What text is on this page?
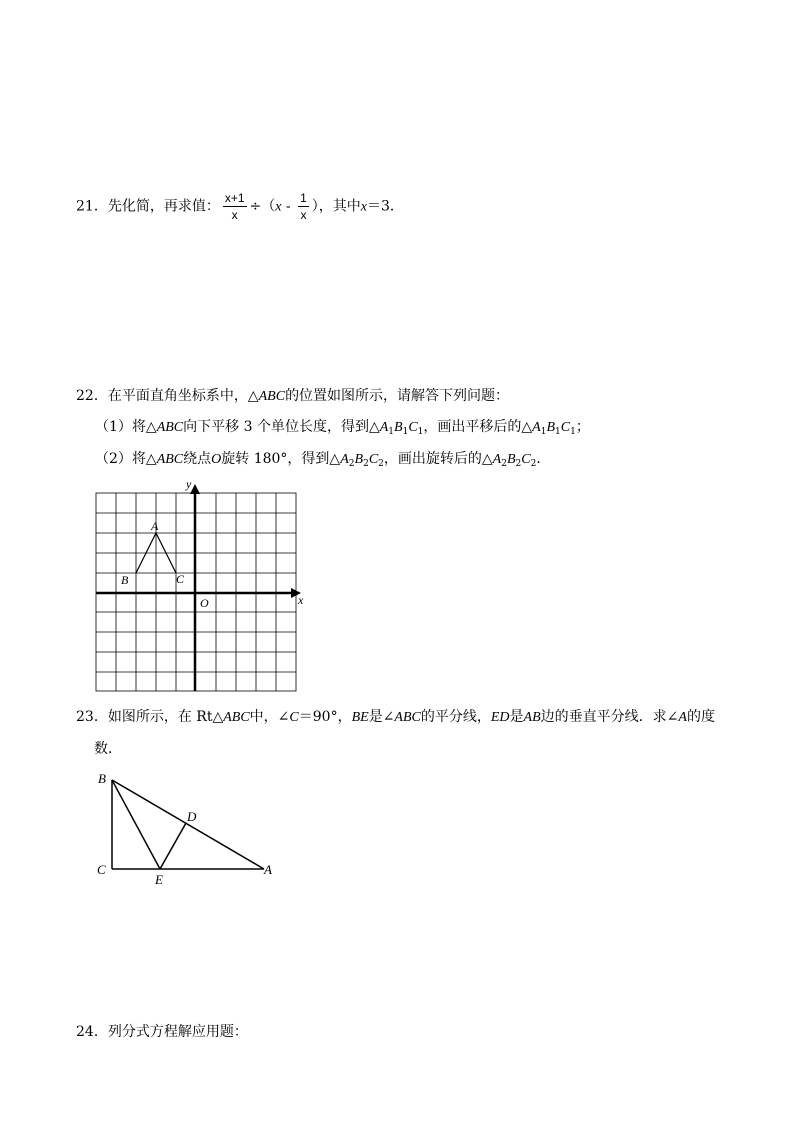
21．先化简，再求值： $\frac{x+1}{x} \div(x - \frac{1}{x}$ ），其中x＝3．
22．在平面直角坐标系中，△ABC的位置如图所示，请解答下列问题：
（1）将△ABC向下平移 3 个单位长度，得到$\triangle A_1B_1C_1$，画出平移后的$\triangle A_1B_1C_1$；
（2）将△ABC绕点O旋转 180°，得到$\triangle A_2B_2C_2$，画出旋转后的$\triangle A_2B_2C_2$．
y
x
O
A
B	C
23．如图所示，在 Rt△ABC中，∠C＝90°，BE是∠ABC的平分线，ED是AB边的垂直平分线．求∠A的度
数．
B
C
D
E
A
24．列分式方程解应用题：
